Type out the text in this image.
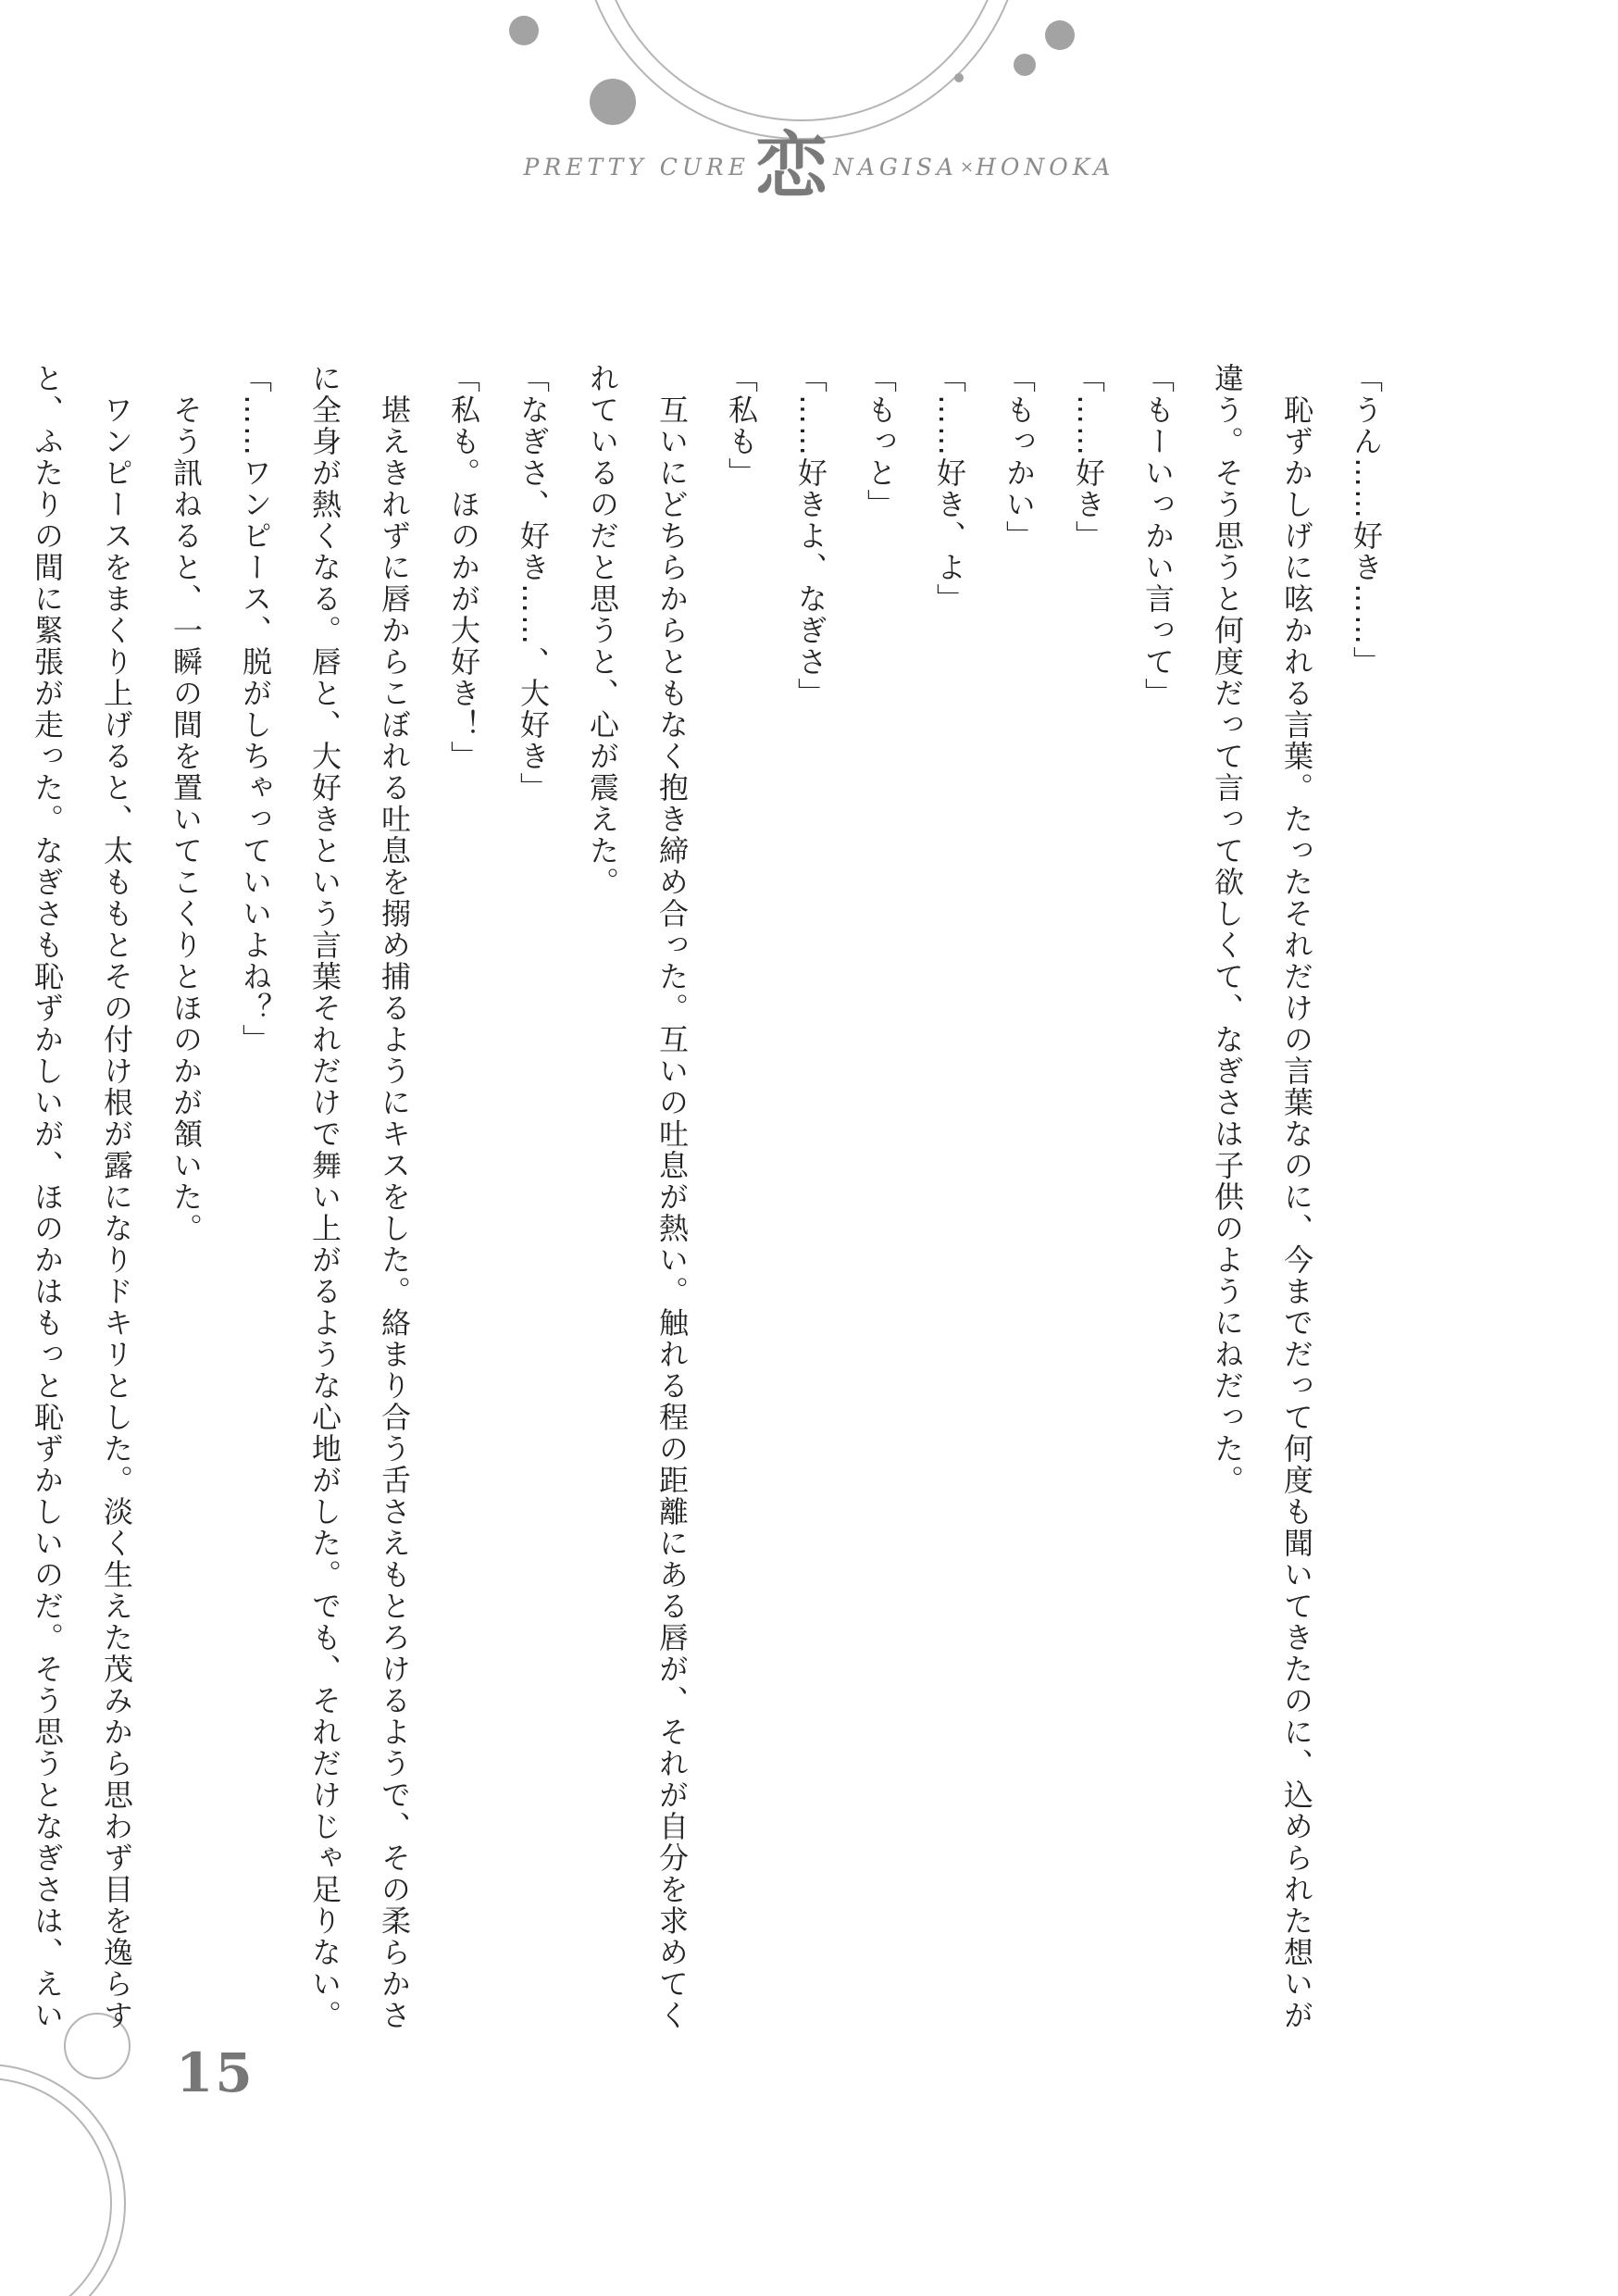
PRETTY CURE 恋 NAGISA × HONOKA

「うん……好き……」

　恥ずかしげに呟かれる言葉。たったそれだけの言葉なのに、今までだって何度も聞いてきたのに、込められた想いが違う。そう思うと何度だって言って欲しくて、なぎさは子供のようにねだった。

「もーいっかい言って」

「……好き」

「もっかい」

「……好き、よ」

「もっと」

「……好きよ、なぎさ」

「私も」

　互いにどちらからともなく抱き締め合った。互いの吐息が熱い。触れる程の距離にある唇が、それが自分を求めてくれているのだと思うと、心が震えた。

「なぎさ、好き……、大好き」

「私も。ほのかが大好き！」

　堪えきれずに唇からこぼれる吐息を搦め捕るようにキスをした。絡まり合う舌さえもとろけるようで、その柔らかさに全身が熱くなる。唇と、大好きという言葉それだけで舞い上がるような心地がした。でも、それだけじゃ足りない。

「……ワンピース、脱がしちゃっていいよね？」

　そう訊ねると、一瞬の間を置いてこくりとほのかが頷いた。

　ワンピースをまくり上げると、太ももとその付け根が露になりドキリとした。淡く生えた茂みから思わず目を逸らすと、ふたりの間に緊張が走った。なぎさも恥ずかしいが、ほのかはもっと恥ずかしいのだ。そう思うとなぎさは、えい

15
